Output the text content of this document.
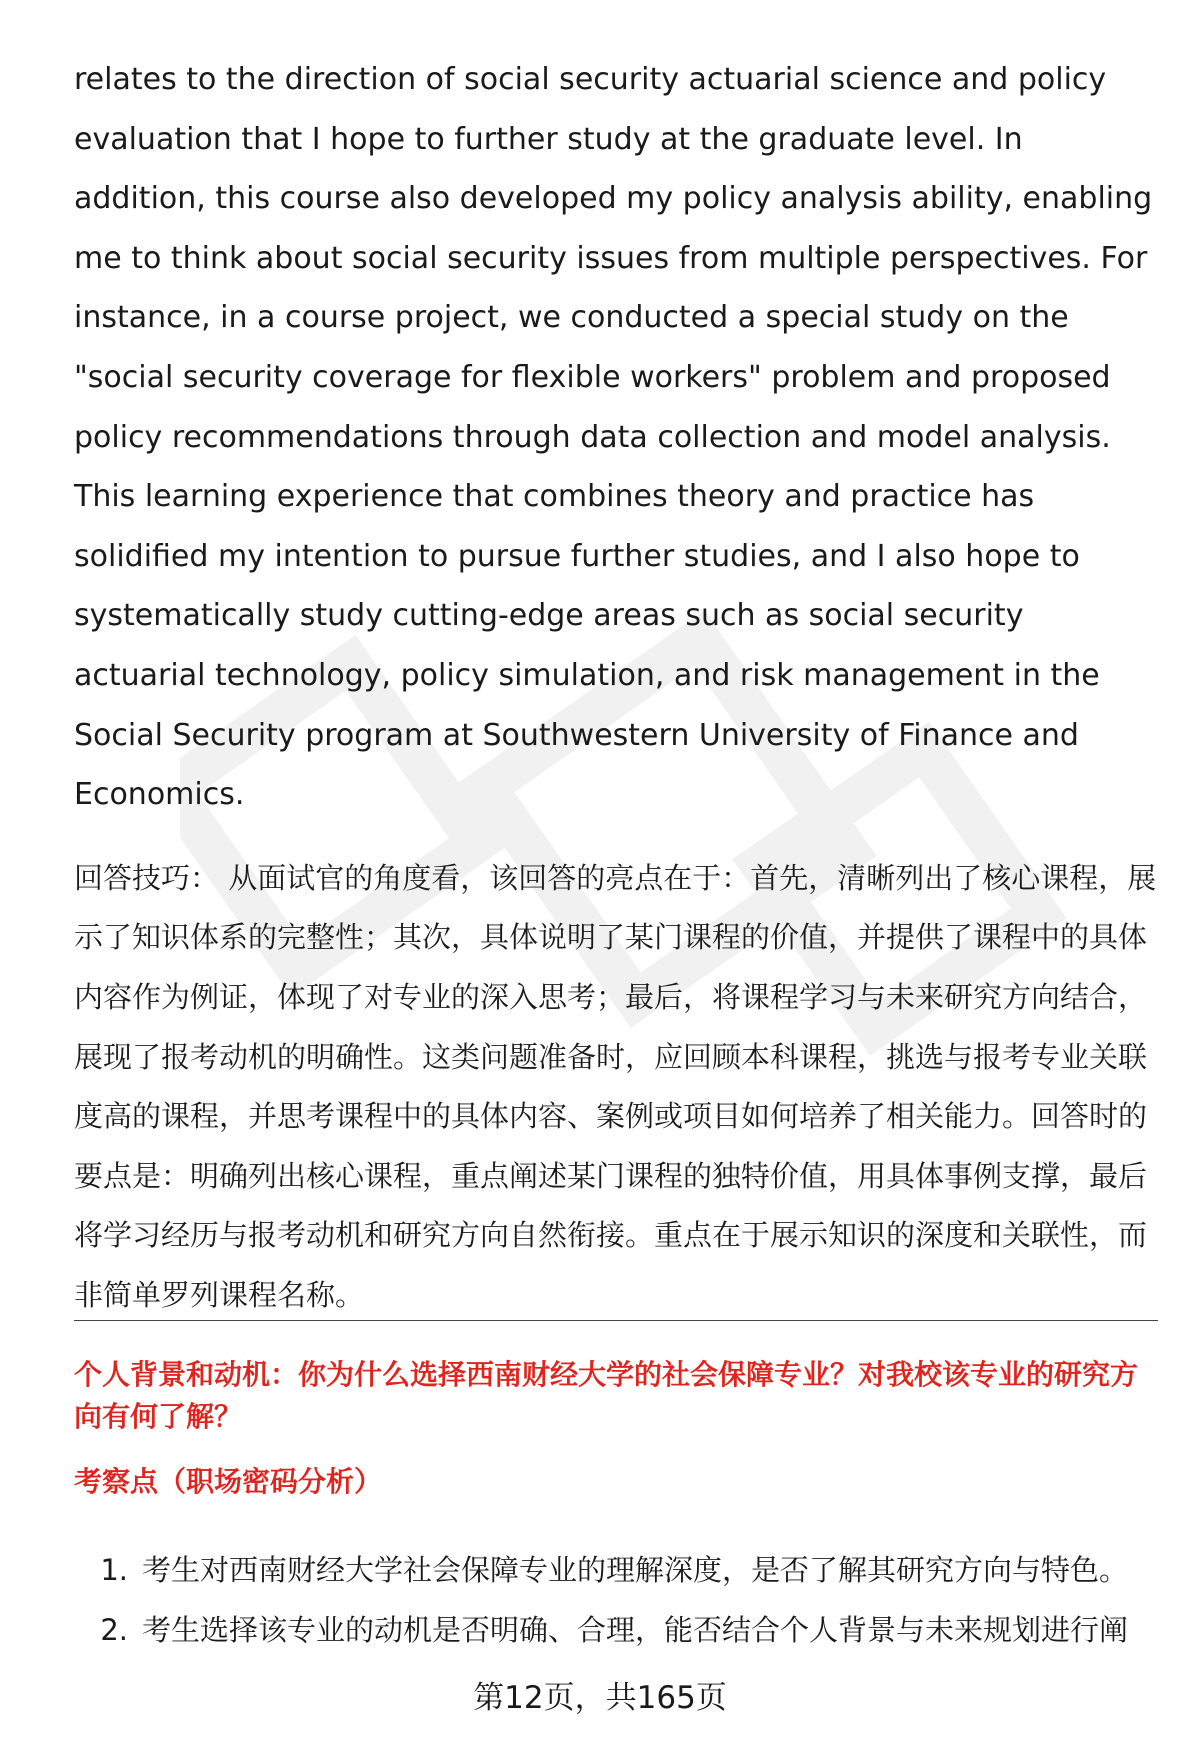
relates to the direction of social security actuarial science and policy evaluation that I hope to further study at the graduate level. In addition, this course also developed my policy analysis ability, enabling me to think about social security issues from multiple perspectives. For instance, in a course project, we conducted a special study on the "social security coverage for flexible workers" problem and proposed policy recommendations through data collection and model analysis. This learning experience that combines theory and practice has solidified my intention to pursue further studies, and I also hope to systematically study cutting-edge areas such as social security actuarial technology, policy simulation, and risk management in the Social Security program at Southwestern University of Finance and Economics.

回答技巧： 从面试官的角度看，该回答的亮点在于：首先，清晰列出了核心课程，展示了知识体系的完整性；其次，具体说明了某门课程的价值，并提供了课程中的具体内容作为例证，体现了对专业的深入思考；最后，将课程学习与未来研究方向结合，展现了报考动机的明确性。这类问题准备时，应回顾本科课程，挑选与报考专业关联度高的课程，并思考课程中的具体内容、案例或项目如何培养了相关能力。回答时的要点是：明确列出核心课程，重点阐述某门课程的独特价值，用具体事例支撑，最后将学习经历与报考动机和研究方向自然衔接。重点在于展示知识的深度和关联性，而非简单罗列课程名称。

个人背景和动机：你为什么选择西南财经大学的社会保障专业？对我校该专业的研究方向有何了解？
考察点（职场密码分析）
1. 考生对西南财经大学社会保障专业的理解深度，是否了解其研究方向与特色。
2. 考生选择该专业的动机是否明确、合理，能否结合个人背景与未来规划进行阐
第12页，共165页
